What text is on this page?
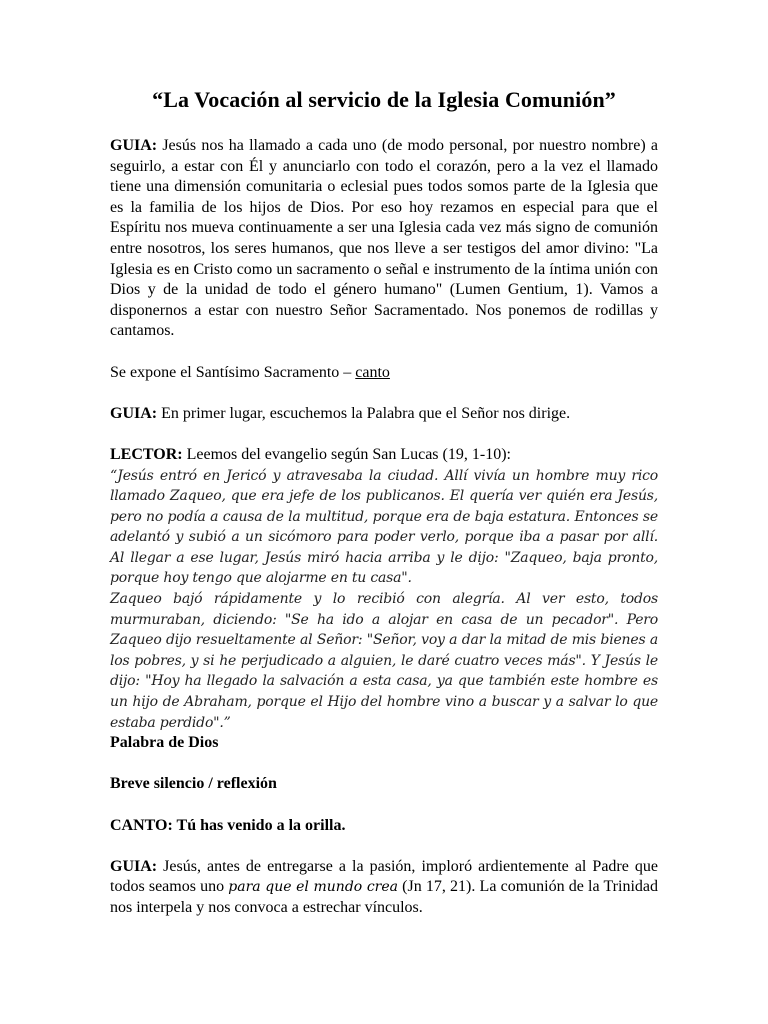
“La Vocación al servicio de la Iglesia Comunión”

GUIA: Jesús nos ha llamado a cada uno (de modo personal, por nuestro nombre) a seguirlo, a estar con Él y anunciarlo con todo el corazón, pero a la vez el llamado tiene una dimensión comunitaria o eclesial pues todos somos parte de la Iglesia que es la familia de los hijos de Dios. Por eso hoy rezamos en especial para que el Espíritu nos mueva continuamente a ser una Iglesia cada vez más signo de comunión entre nosotros, los seres humanos, que nos lleve a ser testigos del amor divino: "La Iglesia es en Cristo como un sacramento o señal e instrumento de la íntima unión con Dios y de la unidad de todo el género humano" (Lumen Gentium, 1). Vamos a disponernos a estar con nuestro Señor Sacramentado. Nos ponemos de rodillas y cantamos.

Se expone el Santísimo Sacramento – canto

GUIA: En primer lugar, escuchemos la Palabra que el Señor nos dirige.

LECTOR: Leemos del evangelio según San Lucas (19, 1-10):

“Jesús entró en Jericó y atravesaba la ciudad. Allí vivía un hombre muy rico llamado Zaqueo, que era jefe de los publicanos. El quería ver quién era Jesús, pero no podía a causa de la multitud, porque era de baja estatura. Entonces se adelantó y subió a un sicómoro para poder verlo, porque iba a pasar por allí. Al llegar a ese lugar, Jesús miró hacia arriba y le dijo: "Zaqueo, baja pronto, porque hoy tengo que alojarme en tu casa".

Zaqueo bajó rápidamente y lo recibió con alegría. Al ver esto, todos murmuraban, diciendo: "Se ha ido a alojar en casa de un pecador". Pero Zaqueo dijo resueltamente al Señor: "Señor, voy a dar la mitad de mis bienes a los pobres, y si he perjudicado a alguien, le daré cuatro veces más". Y Jesús le dijo: "Hoy ha llegado la salvación a esta casa, ya que también este hombre es un hijo de Abraham, porque el Hijo del hombre vino a buscar y a salvar lo que estaba perdido".”

Palabra de Dios

Breve silencio / reflexión

CANTO: Tú has venido a la orilla.

GUIA: Jesús, antes de entregarse a la pasión, imploró ardientemente al Padre que todos seamos uno para que el mundo crea (Jn 17, 21). La comunión de la Trinidad nos interpela y nos convoca a estrechar vínculos.
